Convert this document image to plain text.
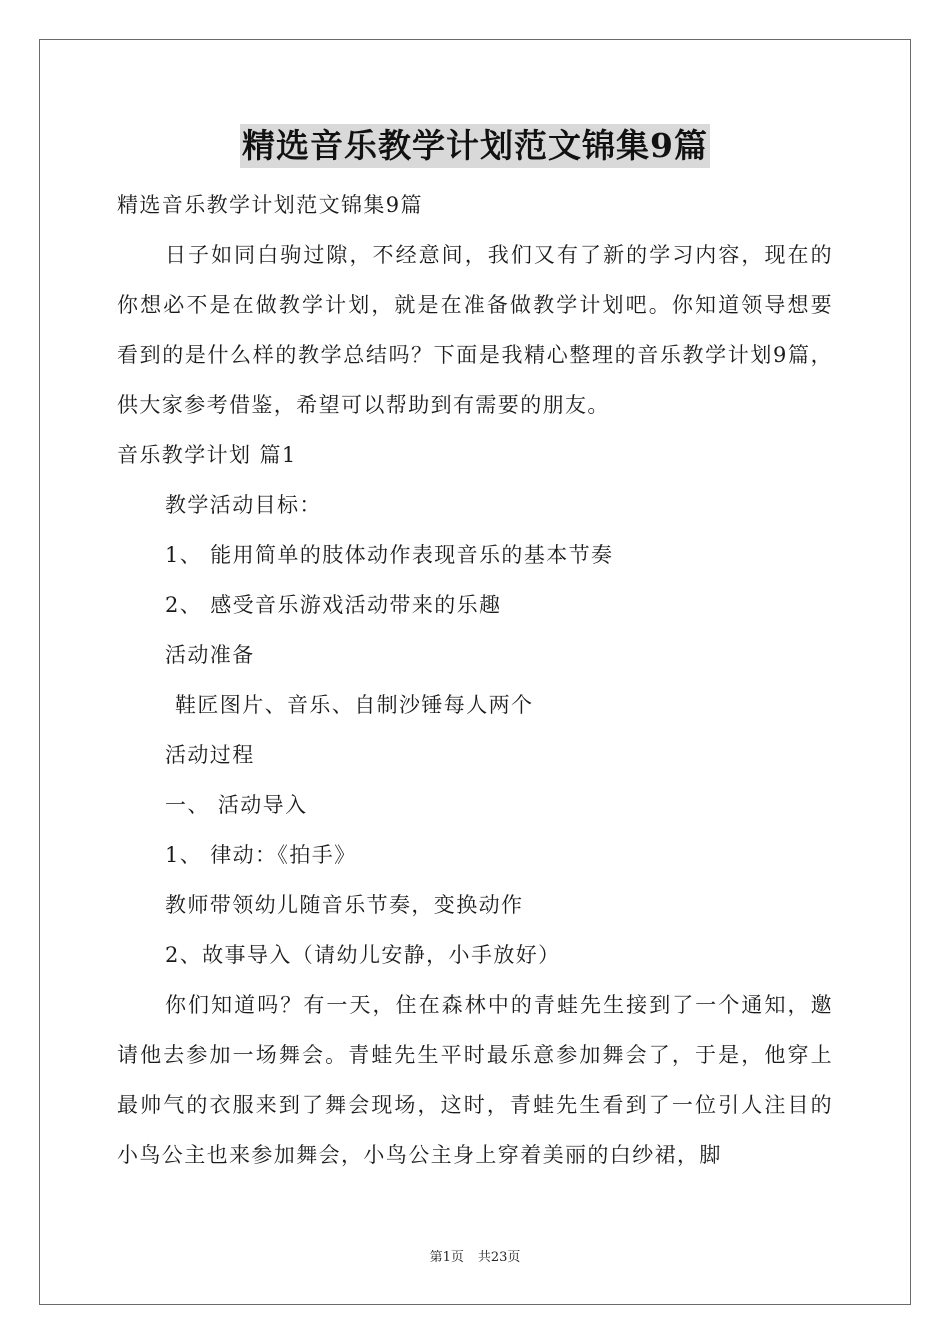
精选音乐教学计划范文锦集9篇

精选音乐教学计划范文锦集9篇

日子如同白驹过隙，不经意间，我们又有了新的学习内容，现在的你想必不是在做教学计划，就是在准备做教学计划吧。你知道领导想要看到的是什么样的教学总结吗？下面是我精心整理的音乐教学计划9篇，供大家参考借鉴，希望可以帮助到有需要的朋友。

音乐教学计划 篇1

教学活动目标：

1、 能用简单的肢体动作表现音乐的基本节奏

2、 感受音乐游戏活动带来的乐趣

活动准备

鞋匠图片、音乐、自制沙锤每人两个

活动过程

一、 活动导入

1、 律动：《拍手》

教师带领幼儿随音乐节奏，变换动作

2、故事导入（请幼儿安静，小手放好）

你们知道吗？有一天，住在森林中的青蛙先生接到了一个通知，邀请他去参加一场舞会。青蛙先生平时最乐意参加舞会了，于是，他穿上最帅气的衣服来到了舞会现场，这时，青蛙先生看到了一位引人注目的小鸟公主也来参加舞会，小鸟公主身上穿着美丽的白纱裙，脚

第1页 共23页
